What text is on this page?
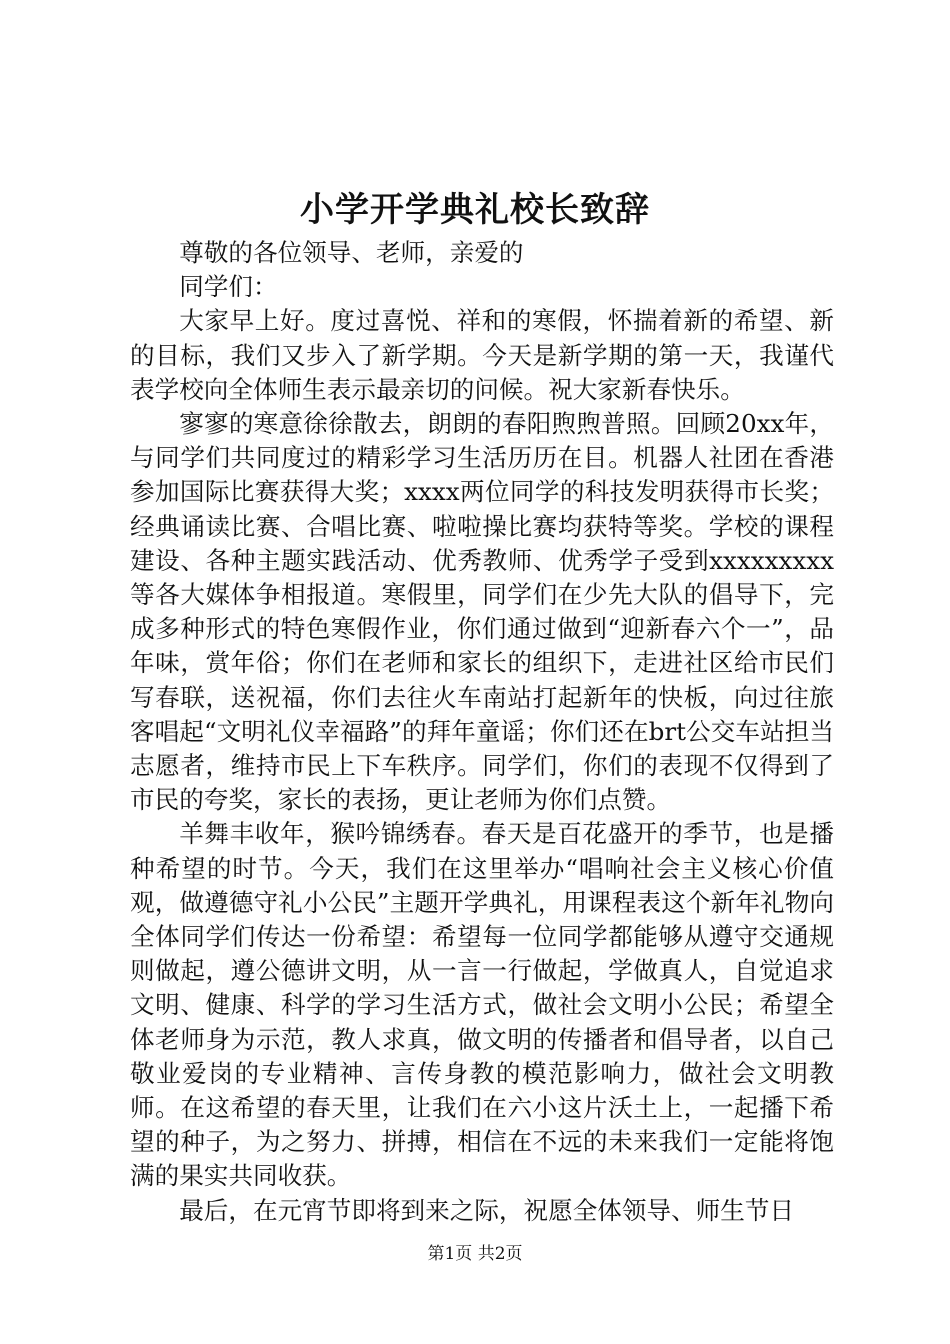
小学开学典礼校长致辞

尊敬的各位领导、老师，亲爱的

同学们：

大家早上好。度过喜悦、祥和的寒假，怀揣着新的希望、新的目标，我们又步入了新学期。今天是新学期的第一天，我谨代表学校向全体师生表示最亲切的问候。祝大家新春快乐。

寥寥的寒意徐徐散去，朗朗的春阳煦煦普照。回顾20xx年，与同学们共同度过的精彩学习生活历历在目。机器人社团在香港参加国际比赛获得大奖；xxxx两位同学的科技发明获得市长奖；经典诵读比赛、合唱比赛、啦啦操比赛均获特等奖。学校的课程建设、各种主题实践活动、优秀教师、优秀学子受到xxxxxxxxx等各大媒体争相报道。寒假里，同学们在少先大队的倡导下，完成多种形式的特色寒假作业，你们通过做到“迎新春六个一”，品年味，赏年俗；你们在老师和家长的组织下，走进社区给市民们写春联，送祝福，你们去往火车南站打起新年的快板，向过往旅客唱起“文明礼仪幸福路”的拜年童谣；你们还在brt公交车站担当志愿者，维持市民上下车秩序。同学们，你们的表现不仅得到了市民的夸奖，家长的表扬，更让老师为你们点赞。

羊舞丰收年，猴吟锦绣春。春天是百花盛开的季节，也是播种希望的时节。今天，我们在这里举办“唱响社会主义核心价值观，做遵德守礼小公民”主题开学典礼，用课程表这个新年礼物向全体同学们传达一份希望：希望每一位同学都能够从遵守交通规则做起，遵公德讲文明，从一言一行做起，学做真人，自觉追求文明、健康、科学的学习生活方式，做社会文明小公民；希望全体老师身为示范，教人求真，做文明的传播者和倡导者，以自己敬业爱岗的专业精神、言传身教的模范影响力，做社会文明教师。在这希望的春天里，让我们在六小这片沃土上，一起播下希望的种子，为之努力、拼搏，相信在不远的未来我们一定能将饱满的果实共同收获。

最后，在元宵节即将到来之际，祝愿全体领导、师生节日

第1页 共2页
